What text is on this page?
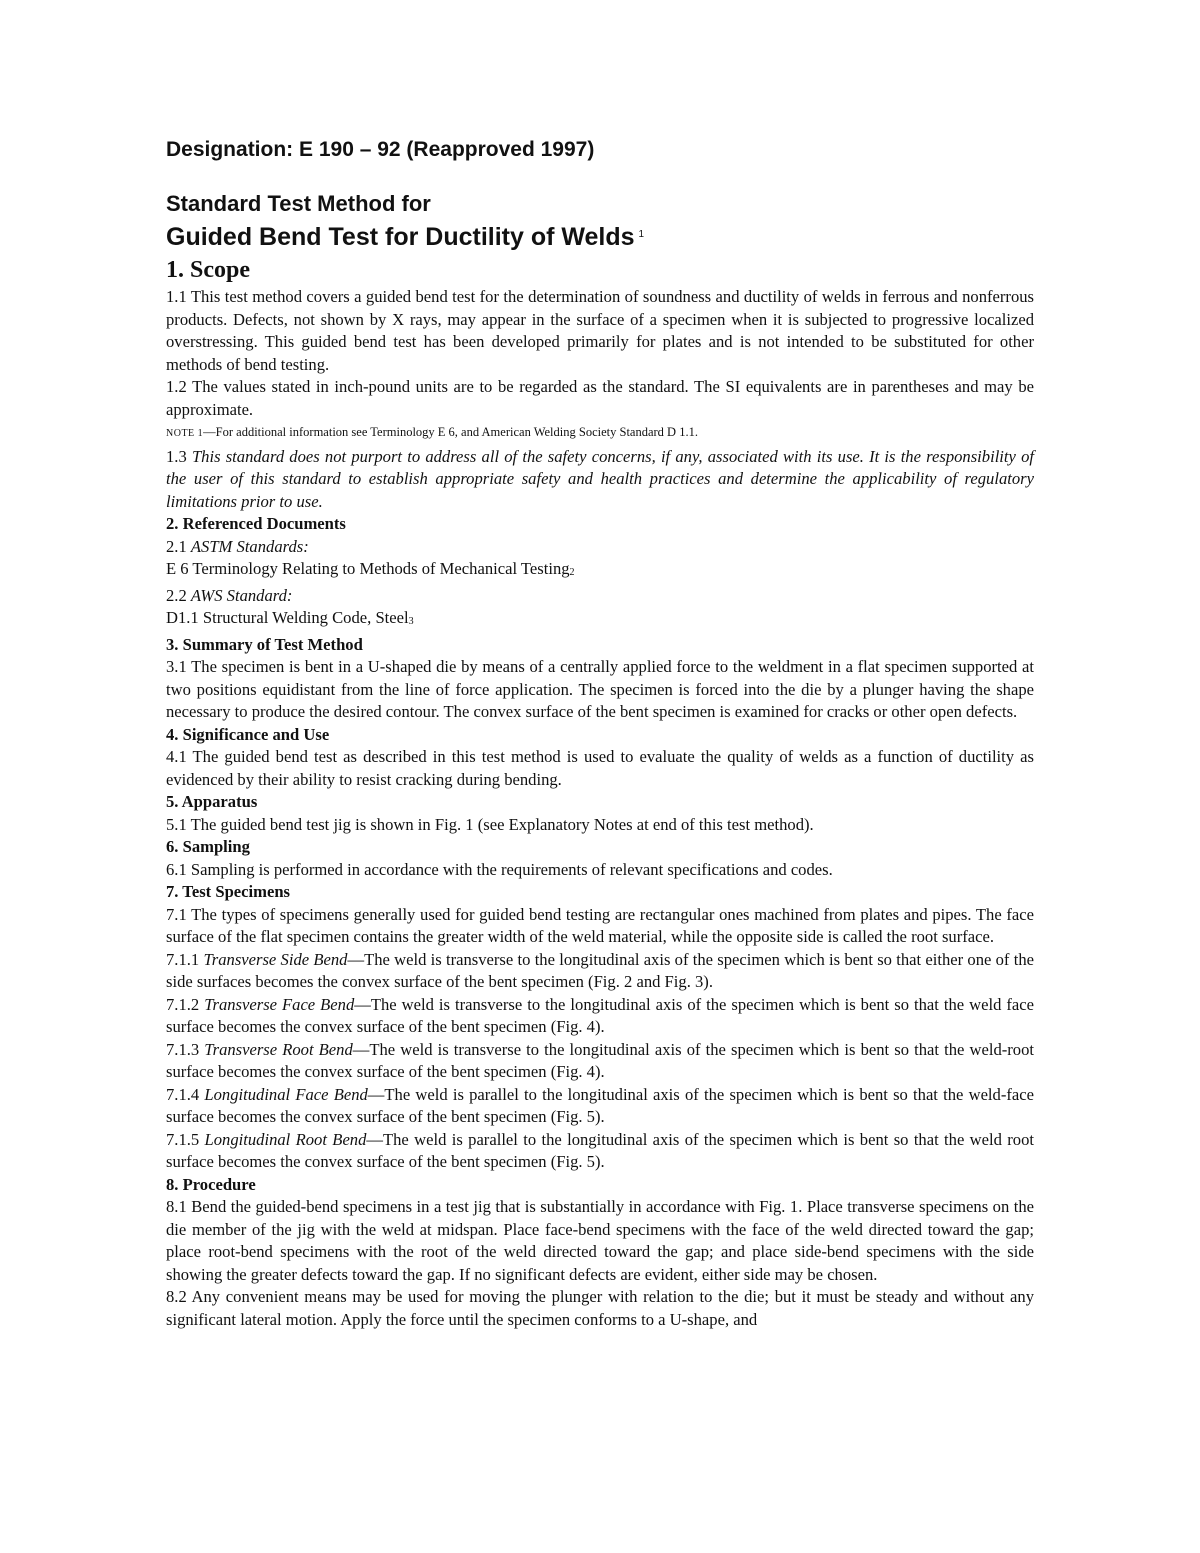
Designation: E 190 – 92 (Reapproved 1997)
Standard Test Method for
Guided Bend Test for Ductility of Welds $^1$
1. Scope

1.1 This test method covers a guided bend test for the determination of soundness and ductility of welds in ferrous and nonferrous products. Defects, not shown by X rays, may appear in the surface of a specimen when it is subjected to progressive localized overstressing. This guided bend test has been developed primarily for plates and is not intended to be substituted for other methods of bend testing.

1.2 The values stated in inch-pound units are to be regarded as the standard. The SI equivalents are in parentheses and may be approximate.

NOTE 1—For additional information see Terminology E 6, and American Welding Society Standard D 1.1.

1.3 This standard does not purport to address all of the safety concerns, if any, associated with its use. It is the responsibility of the user of this standard to establish appropriate safety and health practices and determine the applicability of regulatory limitations prior to use.

2. Referenced Documents

2.1 ASTM Standards:

E 6 Terminology Relating to Methods of Mechanical Testing$_2$

2.2 AWS Standard:

D1.1 Structural Welding Code, Steel$_3$

3. Summary of Test Method

3.1 The specimen is bent in a U-shaped die by means of a centrally applied force to the weldment in a flat specimen supported at two positions equidistant from the line of force application. The specimen is forced into the die by a plunger having the shape necessary to produce the desired contour. The convex surface of the bent specimen is examined for cracks or other open defects.

4. Significance and Use

4.1 The guided bend test as described in this test method is used to evaluate the quality of welds as a function of ductility as evidenced by their ability to resist cracking during bending.

5. Apparatus

5.1 The guided bend test jig is shown in Fig. 1 (see Explanatory Notes at end of this test method).

6. Sampling

6.1 Sampling is performed in accordance with the requirements of relevant specifications and codes.

7. Test Specimens

7.1 The types of specimens generally used for guided bend testing are rectangular ones machined from plates and pipes. The face surface of the flat specimen contains the greater width of the weld material, while the opposite side is called the root surface.

7.1.1 Transverse Side Bend—The weld is transverse to the longitudinal axis of the specimen which is bent so that either one of the side surfaces becomes the convex surface of the bent specimen (Fig. 2 and Fig. 3).

7.1.2 Transverse Face Bend—The weld is transverse to the longitudinal axis of the specimen which is bent so that the weld face surface becomes the convex surface of the bent specimen (Fig. 4).

7.1.3 Transverse Root Bend—The weld is transverse to the longitudinal axis of the specimen which is bent so that the weld-root surface becomes the convex surface of the bent specimen (Fig. 4).

7.1.4 Longitudinal Face Bend—The weld is parallel to the longitudinal axis of the specimen which is bent so that the weld-face surface becomes the convex surface of the bent specimen (Fig. 5).

7.1.5 Longitudinal Root Bend—The weld is parallel to the longitudinal axis of the specimen which is bent so that the weld root surface becomes the convex surface of the bent specimen (Fig. 5).

8. Procedure

8.1 Bend the guided-bend specimens in a test jig that is substantially in accordance with Fig. 1. Place transverse specimens on the die member of the jig with the weld at midspan. Place face-bend specimens with the face of the weld directed toward the gap; place root-bend specimens with the root of the weld directed toward the gap; and place side-bend specimens with the side showing the greater defects toward the gap. If no significant defects are evident, either side may be chosen.

8.2 Any convenient means may be used for moving the plunger with relation to the die; but it must be steady and without any significant lateral motion. Apply the force until the specimen conforms to a U-shape, and
